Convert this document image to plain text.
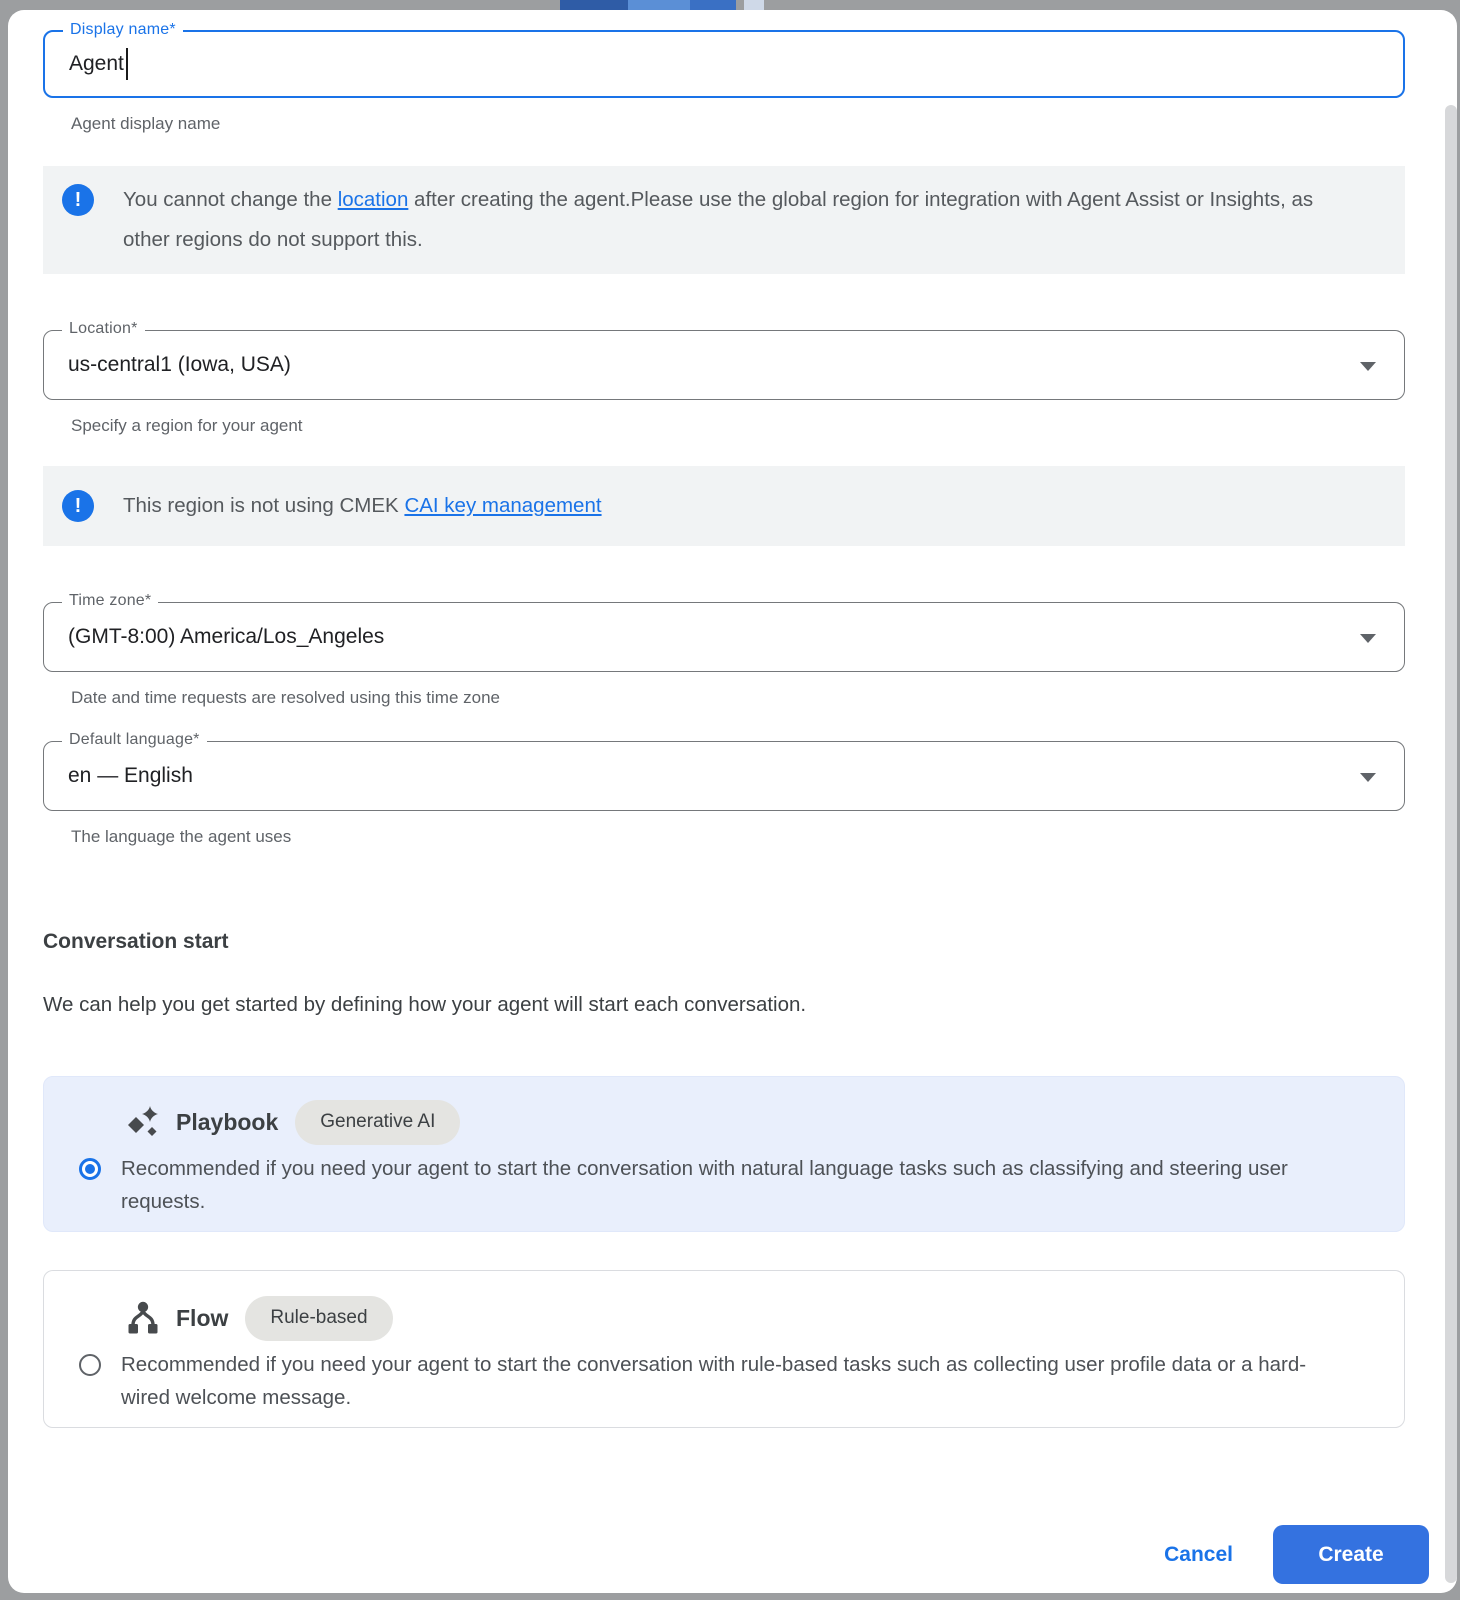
Display name*
Agent
Agent display name
!	You cannot change the location after creating the agent.Please use the global region for integration with Agent Assist or Insights, as other regions do not support this.

Location*
us-central1 (Iowa, USA)
Specify a region for your agent
!	This region is not using CMEK CAI key management

Time zone*
(GMT-8:00) America/Los_Angeles
Date and time requests are resolved using this time zone
Default language*
en — English
The language the agent uses
Conversation start

We can help you get started by defining how your agent will start each conversation.

Playbook	Generative AI

Recommended if you need your agent to start the conversation with natural language tasks such as classifying and steering user requests.

Flow	Rule-based

Recommended if you need your agent to start the conversation with rule-based tasks such as collecting user profile data or a hard-wired welcome message.

Cancel	Create
